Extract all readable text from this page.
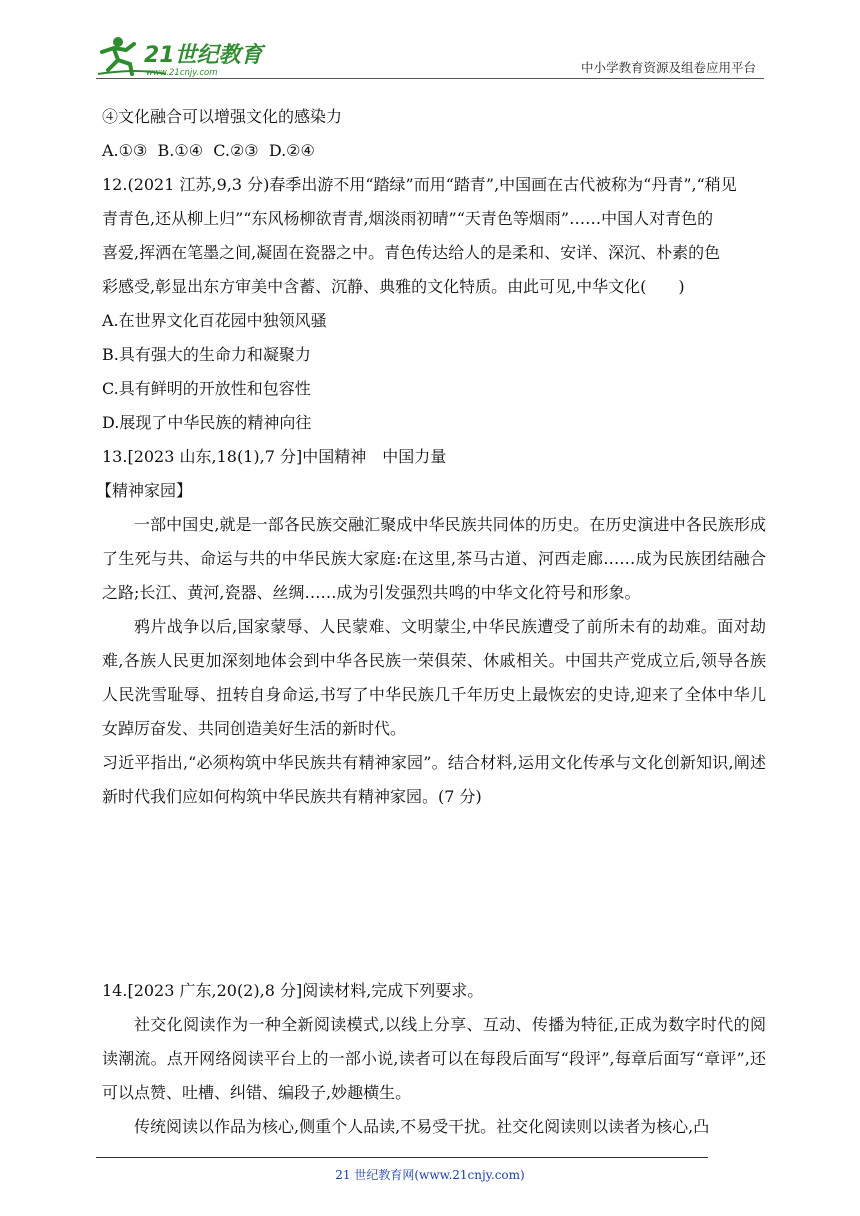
21世纪教育
www.21cnjy.com	中小学教育资源及组卷应用平台
④文化融合可以增强文化的感染力
A.①③  B.①④  C.②③  D.②④
12.(2021 江苏,9,3 分)春季出游不用“踏绿”而用“踏青”,中国画在古代被称为“丹青”,“稍见
青青色,还从柳上归”“东风杨柳欲青青,烟淡雨初晴”“天青色等烟雨”……中国人对青色的
喜爱,挥洒在笔墨之间,凝固在瓷器之中。青色传达给人的是柔和、安详、深沉、朴素的色
彩感受,彰显出东方审美中含蓄、沉静、典雅的文化特质。由此可见,中华文化(　　)
A.在世界文化百花园中独领风骚
B.具有强大的生命力和凝聚力
C.具有鲜明的开放性和包容性
D.展现了中华民族的精神向往
13.[2023 山东,18(1),7 分]中国精神　中国力量
【精神家园】
一部中国史,就是一部各民族交融汇聚成中华民族共同体的历史。在历史演进中各民族形成了生死与共、命运与共的中华民族大家庭:在这里,茶马古道、河西走廊……成为民族团结融合之路;长江、黄河,瓷器、丝绸……成为引发强烈共鸣的中华文化符号和形象。
鸦片战争以后,国家蒙辱、人民蒙难、文明蒙尘,中华民族遭受了前所未有的劫难。面对劫难,各族人民更加深刻地体会到中华各民族一荣俱荣、休戚相关。中国共产党成立后,领导各族人民洗雪耻辱、扭转自身命运,书写了中华民族几千年历史上最恢宏的史诗,迎来了全体中华儿女踔厉奋发、共同创造美好生活的新时代。
习近平指出,“必须构筑中华民族共有精神家园”。结合材料,运用文化传承与文化创新知识,阐述新时代我们应如何构筑中华民族共有精神家园。(7 分)
14.[2023 广东,20(2),8 分]阅读材料,完成下列要求。
社交化阅读作为一种全新阅读模式,以线上分享、互动、传播为特征,正成为数字时代的阅读潮流。点开网络阅读平台上的一部小说,读者可以在每段后面写“段评”,每章后面写“章评”,还可以点赞、吐槽、纠错、编段子,妙趣横生。
传统阅读以作品为核心,侧重个人品读,不易受干扰。社交化阅读则以读者为核心,凸
21 世纪教育网(www.21cnjy.com)
